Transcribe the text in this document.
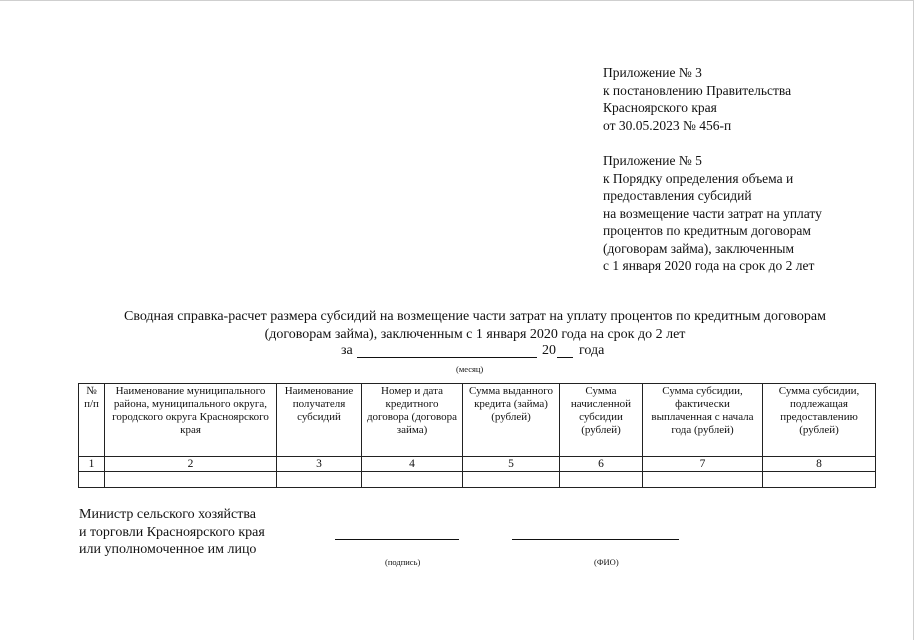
Приложение № 3
к постановлению Правительства
Красноярского края
от 30.05.2023 № 456-п
Приложение № 5
к Порядку определения объема и
предоставления субсидий
на возмещение части затрат на уплату
процентов по кредитным договорам
(договорам займа), заключенным
с 1 января 2020 года на срок до 2 лет
Сводная справка-расчет размера субсидий на возмещение части затрат на уплату процентов по кредитным договорам
(договорам займа), заключенным с 1 января 2020 года на срок до 2 лет
за	20 года
(месяц)
№ п/п	Наименование муниципального района, муниципального округа, городского округа Красноярского края	Наименование получателя субсидий	Номер и дата кредитного договора (договора займа)	Сумма выданного кредита (займа) (рублей)	Сумма начисленной субсидии (рублей)	Сумма субсидии, фактически выплаченная с начала года (рублей)	Сумма субсидии, подлежащая предоставлению (рублей)
1	2	3	4	5	6	7	8

Министр сельского хозяйства
и торговли Красноярского края
или уполномоченное им лицо
(подпись)	(ФИО)
